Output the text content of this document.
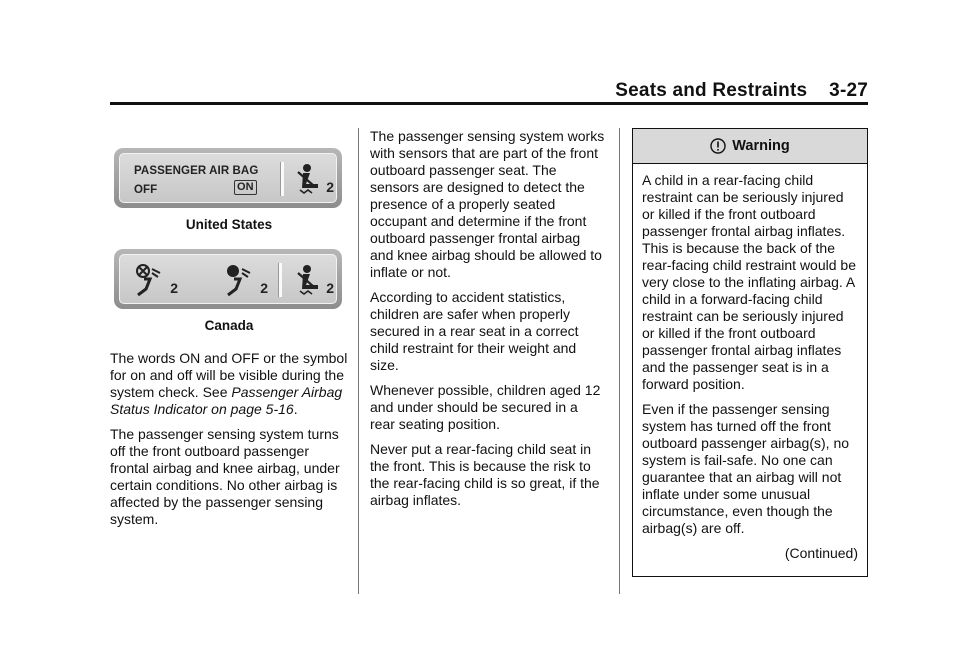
Seats and Restraints 3-27
PASSENGER AIR BAG
OFF	ON	2
United States
2	2	2
Canada

The words ON and OFF or the symbol for on and off will be visible during the system check. See Passenger Airbag Status Indicator on page 5-16.

The passenger sensing system turns off the front outboard passenger frontal airbag and knee airbag, under certain conditions. No other airbag is affected by the passenger sensing system.

The passenger sensing system works with sensors that are part of the front outboard passenger seat. The sensors are designed to detect the presence of a properly seated occupant and determine if the front outboard passenger frontal airbag and knee airbag should be allowed to inflate or not.

According to accident statistics, children are safer when properly secured in a rear seat in a correct child restraint for their weight and size.

Whenever possible, children aged 12 and under should be secured in a rear seating position.

Never put a rear-facing child seat in the front. This is because the risk to the rear-facing child is so great, if the airbag inflates.

Warning

A child in a rear-facing child restraint can be seriously injured or killed if the front outboard passenger frontal airbag inflates. This is because the back of the rear-facing child restraint would be very close to the inflating airbag. A child in a forward-facing child restraint can be seriously injured or killed if the front outboard passenger frontal airbag inflates and the passenger seat is in a forward position.

Even if the passenger sensing system has turned off the front outboard passenger airbag(s), no system is fail-safe. No one can guarantee that an airbag will not inflate under some unusual circumstance, even though the airbag(s) are off.

(Continued)
